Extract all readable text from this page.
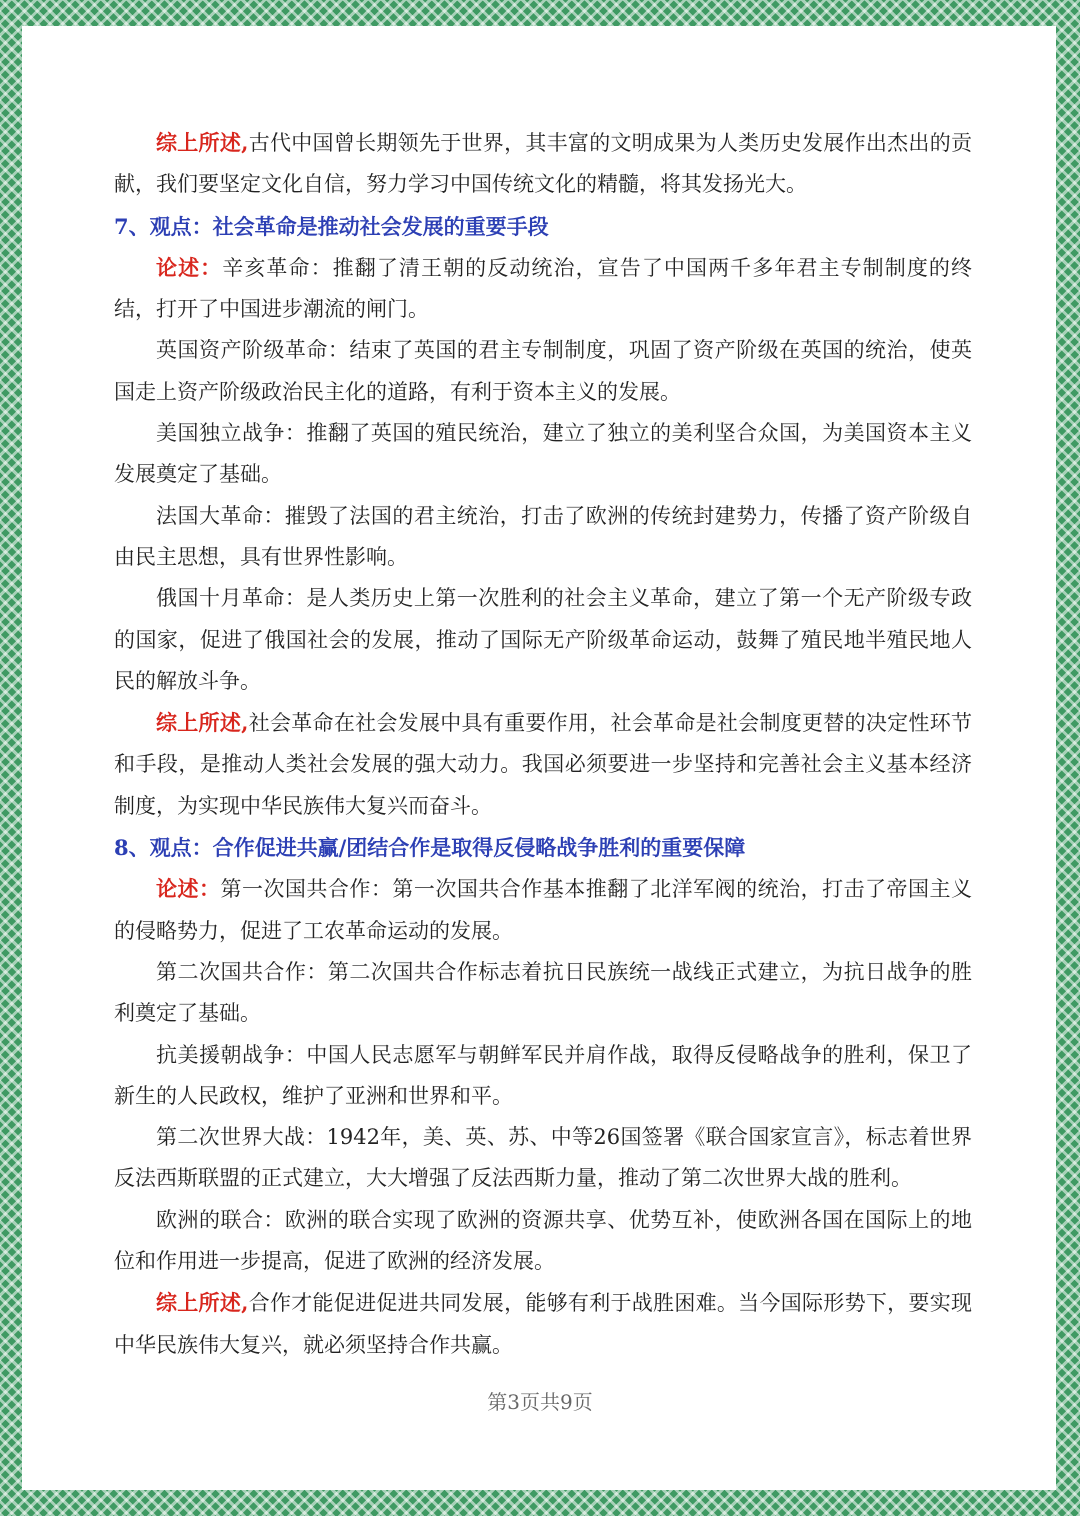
综上所述,古代中国曾长期领先于世界，其丰富的文明成果为人类历史发展作出杰出的贡献，我们要坚定文化自信，努力学习中国传统文化的精髓，将其发扬光大。

7、观点：社会革命是推动社会发展的重要手段

论述：辛亥革命：推翻了清王朝的反动统治，宣告了中国两千多年君主专制制度的终结，打开了中国进步潮流的闸门。

英国资产阶级革命：结束了英国的君主专制制度，巩固了资产阶级在英国的统治，使英国走上资产阶级政治民主化的道路，有利于资本主义的发展。

美国独立战争：推翻了英国的殖民统治，建立了独立的美利坚合众国，为美国资本主义发展奠定了基础。

法国大革命：摧毁了法国的君主统治，打击了欧洲的传统封建势力，传播了资产阶级自由民主思想，具有世界性影响。

俄国十月革命：是人类历史上第一次胜利的社会主义革命，建立了第一个无产阶级专政的国家，促进了俄国社会的发展，推动了国际无产阶级革命运动，鼓舞了殖民地半殖民地人民的解放斗争。

综上所述,社会革命在社会发展中具有重要作用，社会革命是社会制度更替的决定性环节和手段，是推动人类社会发展的强大动力。我国必须要进一步坚持和完善社会主义基本经济制度，为实现中华民族伟大复兴而奋斗。

8、观点：合作促进共赢/团结合作是取得反侵略战争胜利的重要保障

论述：第一次国共合作：第一次国共合作基本推翻了北洋军阀的统治，打击了帝国主义的侵略势力，促进了工农革命运动的发展。

第二次国共合作：第二次国共合作标志着抗日民族统一战线正式建立，为抗日战争的胜利奠定了基础。

抗美援朝战争：中国人民志愿军与朝鲜军民并肩作战，取得反侵略战争的胜利，保卫了新生的人民政权，维护了亚洲和世界和平。

第二次世界大战：1942年，美、英、苏、中等26国签署《联合国家宣言》，标志着世界反法西斯联盟的正式建立，大大增强了反法西斯力量，推动了第二次世界大战的胜利。

欧洲的联合：欧洲的联合实现了欧洲的资源共享、优势互补，使欧洲各国在国际上的地位和作用进一步提高，促进了欧洲的经济发展。

综上所述,合作才能促进促进共同发展，能够有利于战胜困难。当今国际形势下，要实现中华民族伟大复兴，就必须坚持合作共赢。

第3页共9页
